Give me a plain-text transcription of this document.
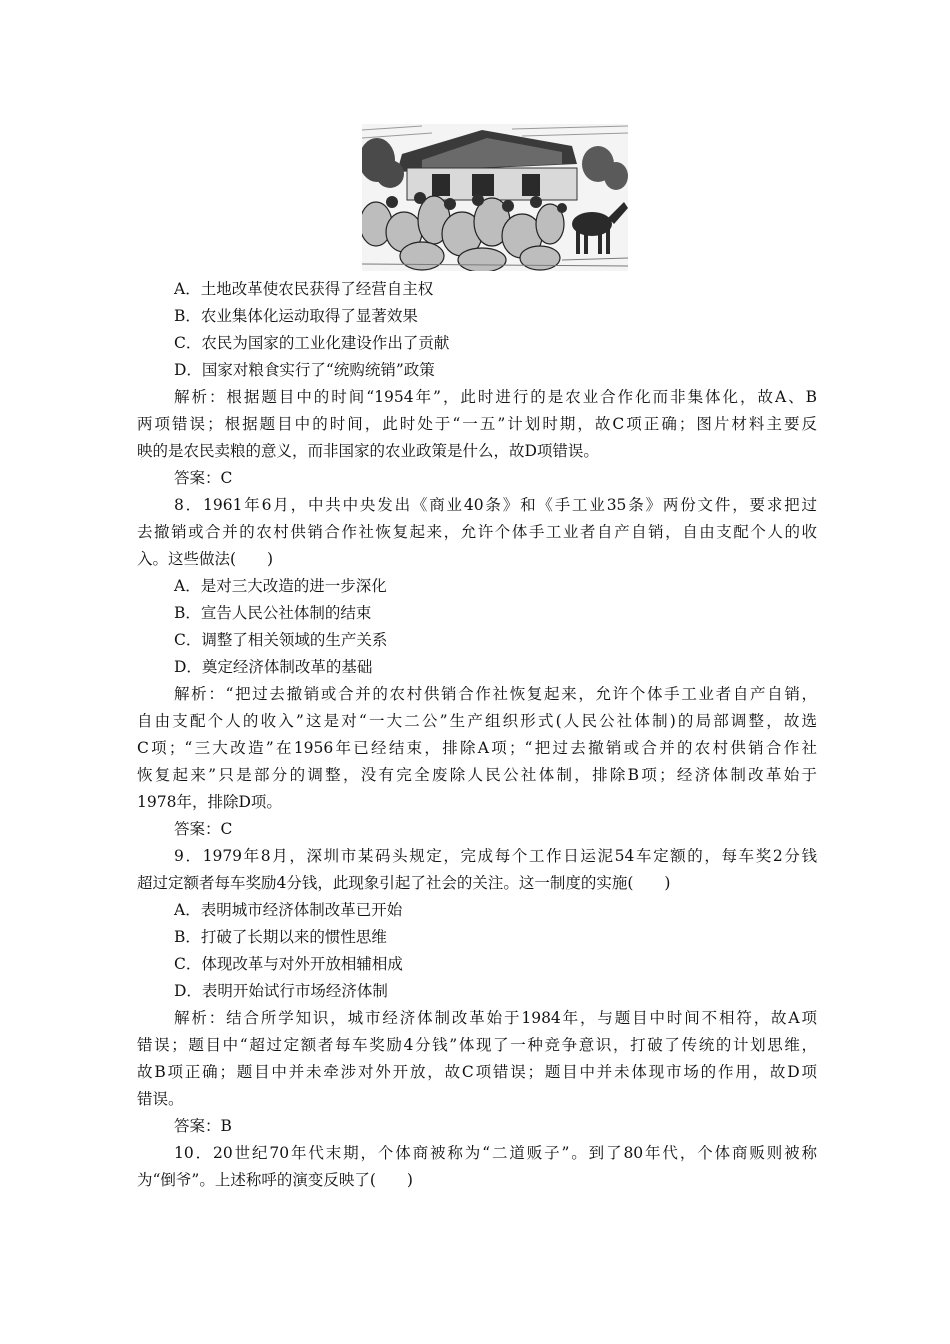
A．土地改革使农民获得了经营自主权
B．农业集体化运动取得了显著效果
C．农民为国家的工业化建设作出了贡献
D．国家对粮食实行了“统购统销”政策
解析：根据题目中的时间“1954年”，此时进行的是农业合作化而非集体化，故A、B
两项错误；根据题目中的时间，此时处于“一五”计划时期，故C项正确；图片材料主要反
映的是农民卖粮的意义，而非国家的农业政策是什么，故D项错误。
答案：C
8．1961年6月，中共中央发出《商业40条》和《手工业35条》两份文件，要求把过
去撤销或合并的农村供销合作社恢复起来，允许个体手工业者自产自销，自由支配个人的收
入。这些做法(　　)
A．是对三大改造的进一步深化
B．宣告人民公社体制的结束
C．调整了相关领域的生产关系
D．奠定经济体制改革的基础
解析：“把过去撤销或合并的农村供销合作社恢复起来，允许个体手工业者自产自销，
自由支配个人的收入”这是对“一大二公”生产组织形式(人民公社体制)的局部调整，故选
C项；“三大改造”在1956年已经结束，排除A项；“把过去撤销或合并的农村供销合作社
恢复起来”只是部分的调整，没有完全废除人民公社体制，排除B项；经济体制改革始于
1978年，排除D项。
答案：C
9．1979年8月，深圳市某码头规定，完成每个工作日运泥54车定额的，每车奖2分钱
超过定额者每车奖励4分钱，此现象引起了社会的关注。这一制度的实施(　　)
A．表明城市经济体制改革已开始
B．打破了长期以来的惯性思维
C．体现改革与对外开放相辅相成
D．表明开始试行市场经济体制
解析：结合所学知识，城市经济体制改革始于1984年，与题目中时间不相符，故A项
错误；题目中“超过定额者每车奖励4分钱”体现了一种竞争意识，打破了传统的计划思维，
故B项正确；题目中并未牵涉对外开放，故C项错误；题目中并未体现市场的作用，故D项
错误。
答案：B
10．20世纪70年代末期，个体商被称为“二道贩子”。到了80年代，个体商贩则被称
为“倒爷”。上述称呼的演变反映了(　　)
